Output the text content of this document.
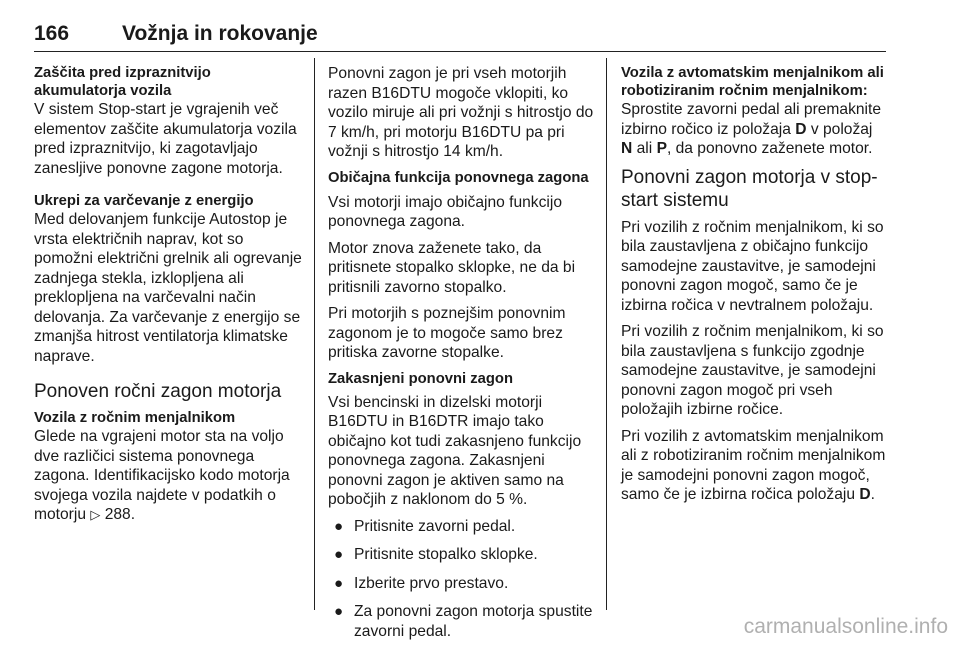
166	Vožnja in rokovanje
Zaščita pred izpraznitvijo
akumulatorja vozila

V sistem Stop-start je vgrajenih več elementov zaščite akumulatorja vozila pred izpraznitvijo, ki zagotavljajo zanesljive ponovne zagone motorja.

Ukrepi za varčevanje z energijo

Med delovanjem funkcije Autostop je vrsta električnih naprav, kot so pomožni električni grelnik ali ogrevanje zadnjega stekla, izklopljena ali preklopljena na varčevalni način delovanja. Za varčevanje z energijo se zmanjša hitrost ventilatorja klimatske naprave.

Ponoven ročni zagon motorja
Vozila z ročnim menjalnikom

Glede na vgrajeni motor sta na voljo dve različici sistema ponovnega zagona. Identifikacijsko kodo motorja svojega vozila najdete v podatkih o motorju ▷ 288.

Ponovni zagon je pri vseh motorjih razen B16DTU mogoče vklopiti, ko vozilo miruje ali pri vožnji s hitrostjo do 7 km/h, pri motorju B16DTU pa pri vožnji s hitrostjo 14 km/h.

Običajna funkcija ponovnega zagona

Vsi motorji imajo običajno funkcijo ponovnega zagona.

Motor znova zaženete tako, da pritisnete stopalko sklopke, ne da bi pritisnili zavorno stopalko.

Pri motorjih s poznejšim ponovnim zagonom je to mogoče samo brez pritiska zavorne stopalke.

Zakasnjeni ponovni zagon

Vsi bencinski in dizelski motorji B16DTU in B16DTR imajo tako običajno kot tudi zakasnjeno funkcijo ponovnega zagona. Zakasnjeni ponovni zagon je aktiven samo na pobočjih z naklonom do 5 %.

● Pritisnite zavorni pedal.
● Pritisnite stopalko sklopke.
● Izberite prvo prestavo.
● Za ponovni zagon motorja spustite zavorni pedal.
Vozila z avtomatskim menjalnikom ali robotiziranim ročnim menjalnikom:

Sprostite zavorni pedal ali premaknite izbirno ročico iz položaja D v položaj N ali P, da ponovno zaženete motor.

Ponovni zagon motorja v stop-start sistemu

Pri vozilih z ročnim menjalnikom, ki so bila zaustavljena z običajno funkcijo samodejne zaustavitve, je samodejni ponovni zagon mogoč, samo če je izbirna ročica v nevtralnem položaju.

Pri vozilih z ročnim menjalnikom, ki so bila zaustavljena s funkcijo zgodnje samodejne zaustavitve, je samodejni ponovni zagon mogoč pri vseh položajih izbirne ročice.

Pri vozilih z avtomatskim menjalnikom ali z robotiziranim ročnim menjalnikom je samodejni ponovni zagon mogoč, samo če je izbirna ročica položaju D.

carmanualsonline.info
